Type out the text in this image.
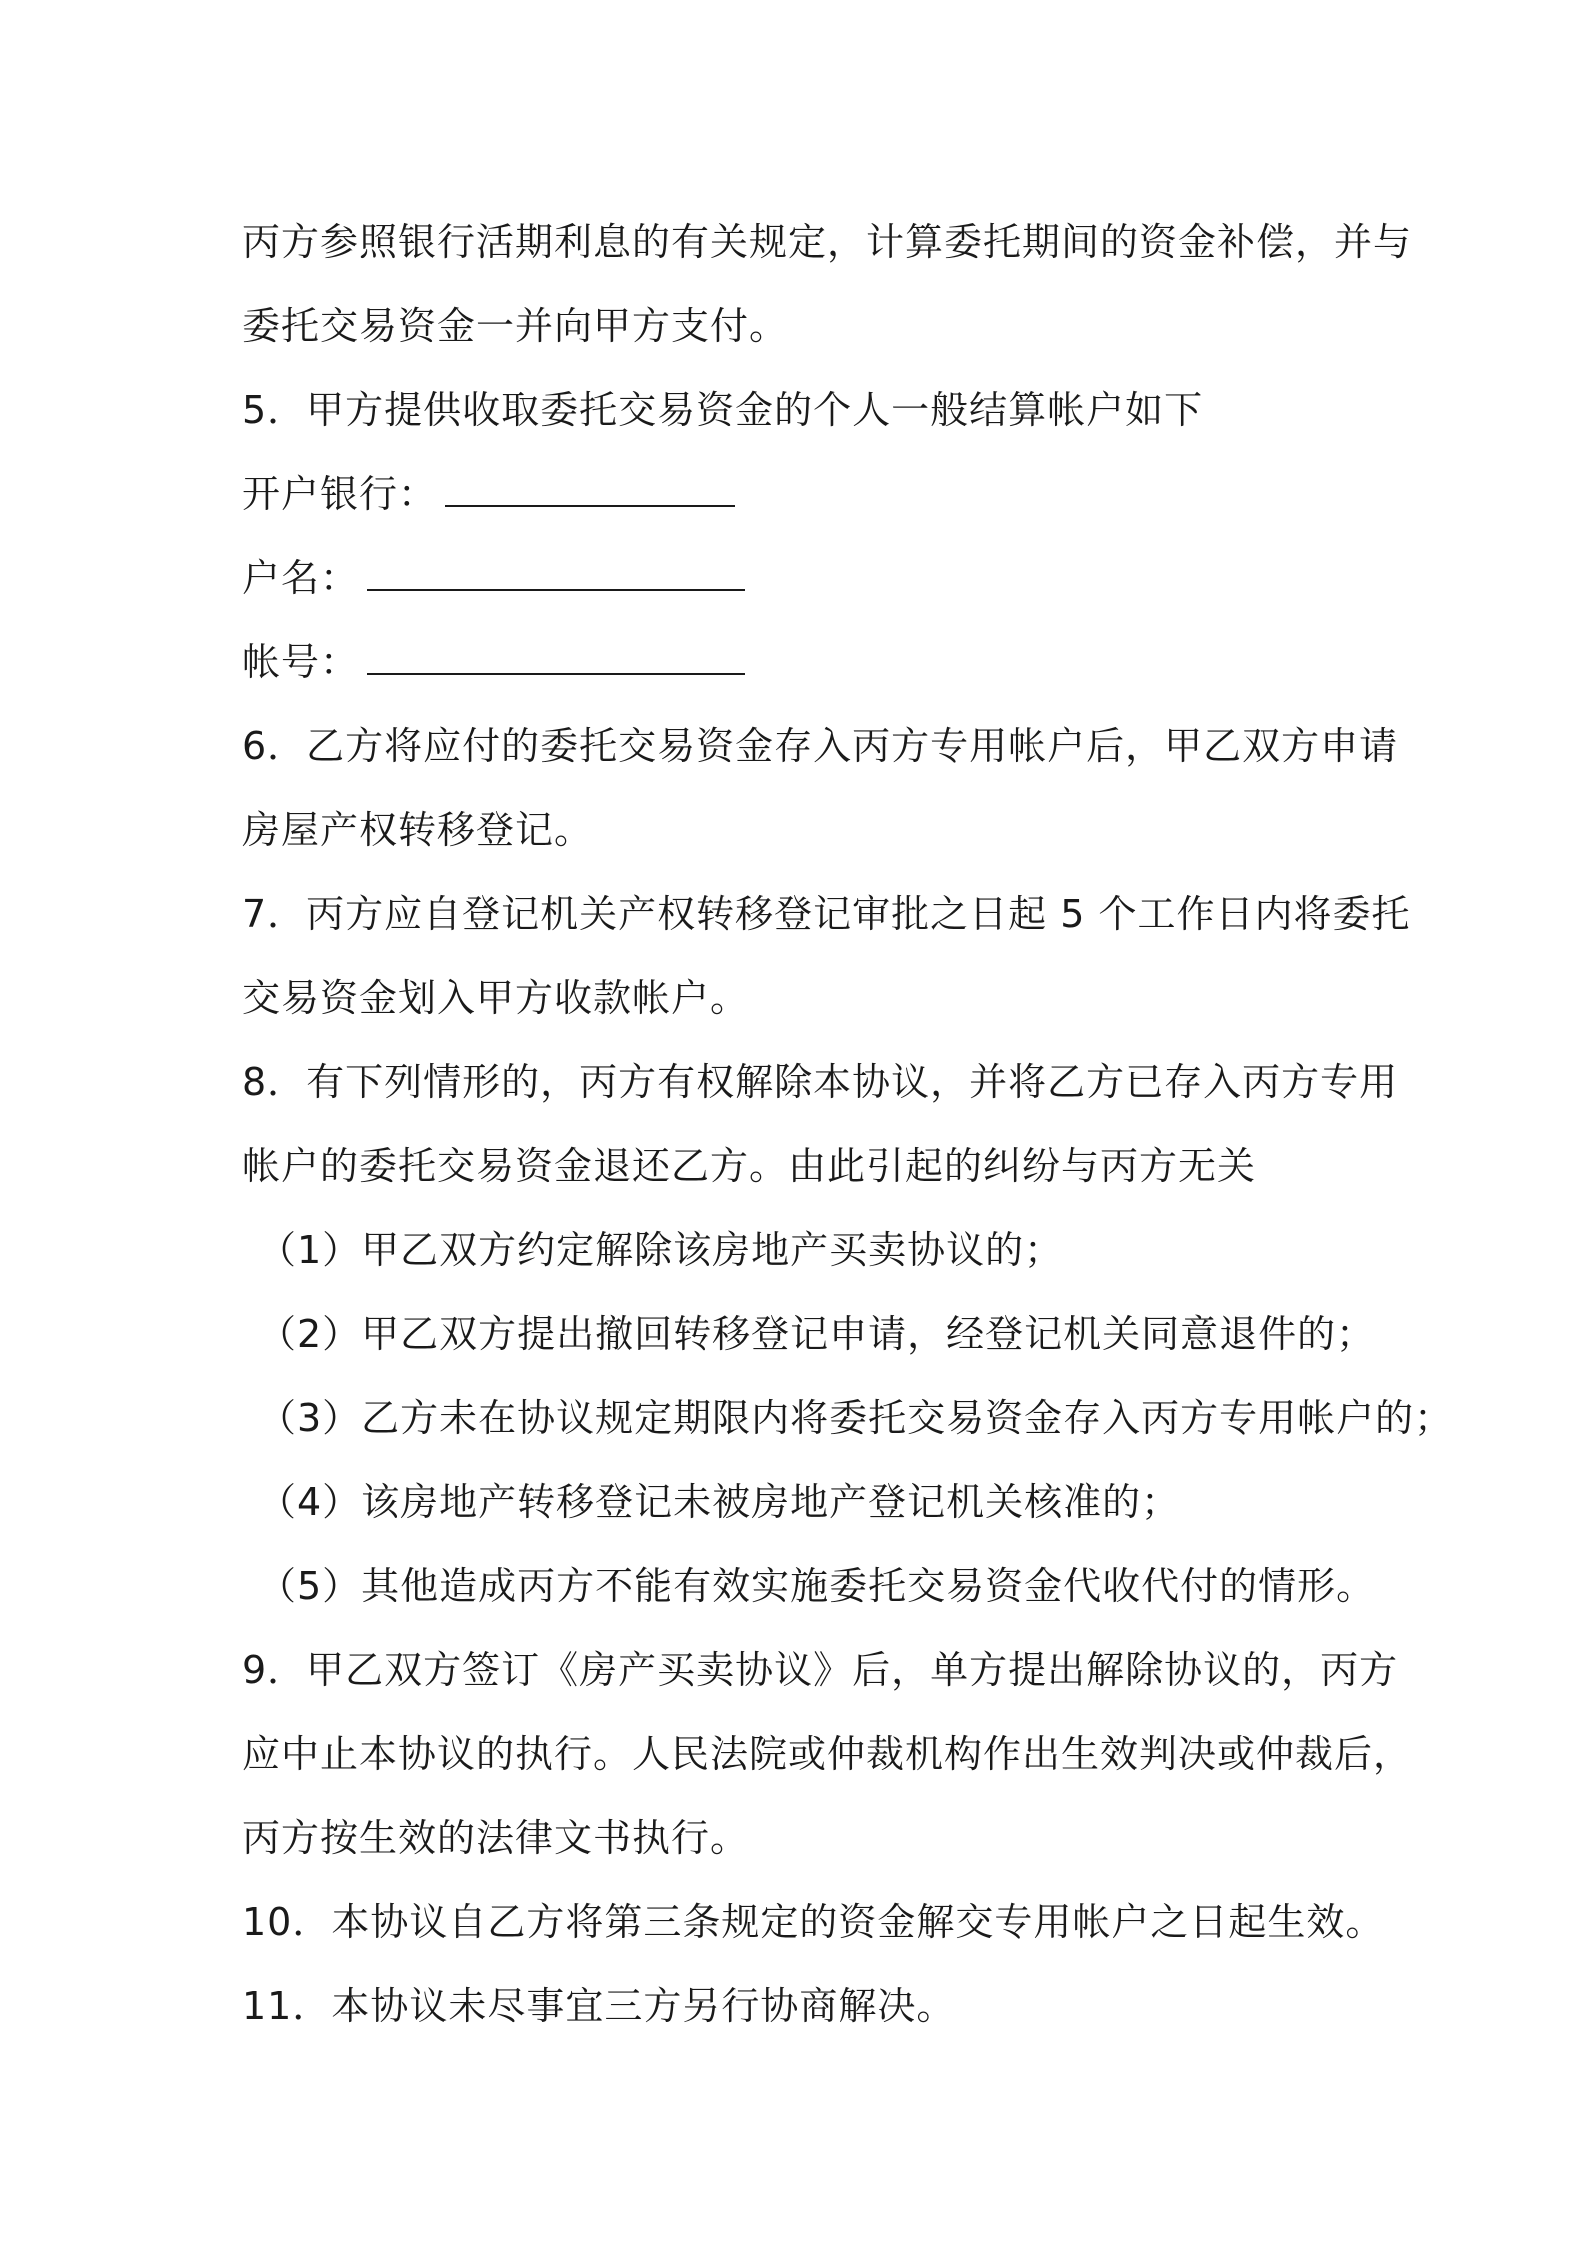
丙方参照银行活期利息的有关规定，计算委托期间的资金补偿，并与
委托交易资金一并向甲方支付。
5．甲方提供收取委托交易资金的个人一般结算帐户如下
开户银行：
户名：
帐号：
6．乙方将应付的委托交易资金存入丙方专用帐户后，甲乙双方申请
房屋产权转移登记。
7．丙方应自登记机关产权转移登记审批之日起 5 个工作日内将委托
交易资金划入甲方收款帐户。
8．有下列情形的，丙方有权解除本协议，并将乙方已存入丙方专用
帐户的委托交易资金退还乙方。由此引起的纠纷与丙方无关
（1）甲乙双方约定解除该房地产买卖协议的；
（2）甲乙双方提出撤回转移登记申请，经登记机关同意退件的；
（3）乙方未在协议规定期限内将委托交易资金存入丙方专用帐户的；
（4）该房地产转移登记未被房地产登记机关核准的；
（5）其他造成丙方不能有效实施委托交易资金代收代付的情形。
9．甲乙双方签订《房产买卖协议》后，单方提出解除协议的，丙方
应中止本协议的执行。人民法院或仲裁机构作出生效判决或仲裁后，
丙方按生效的法律文书执行。
10．本协议自乙方将第三条规定的资金解交专用帐户之日起生效。
11．本协议未尽事宜三方另行协商解决。
